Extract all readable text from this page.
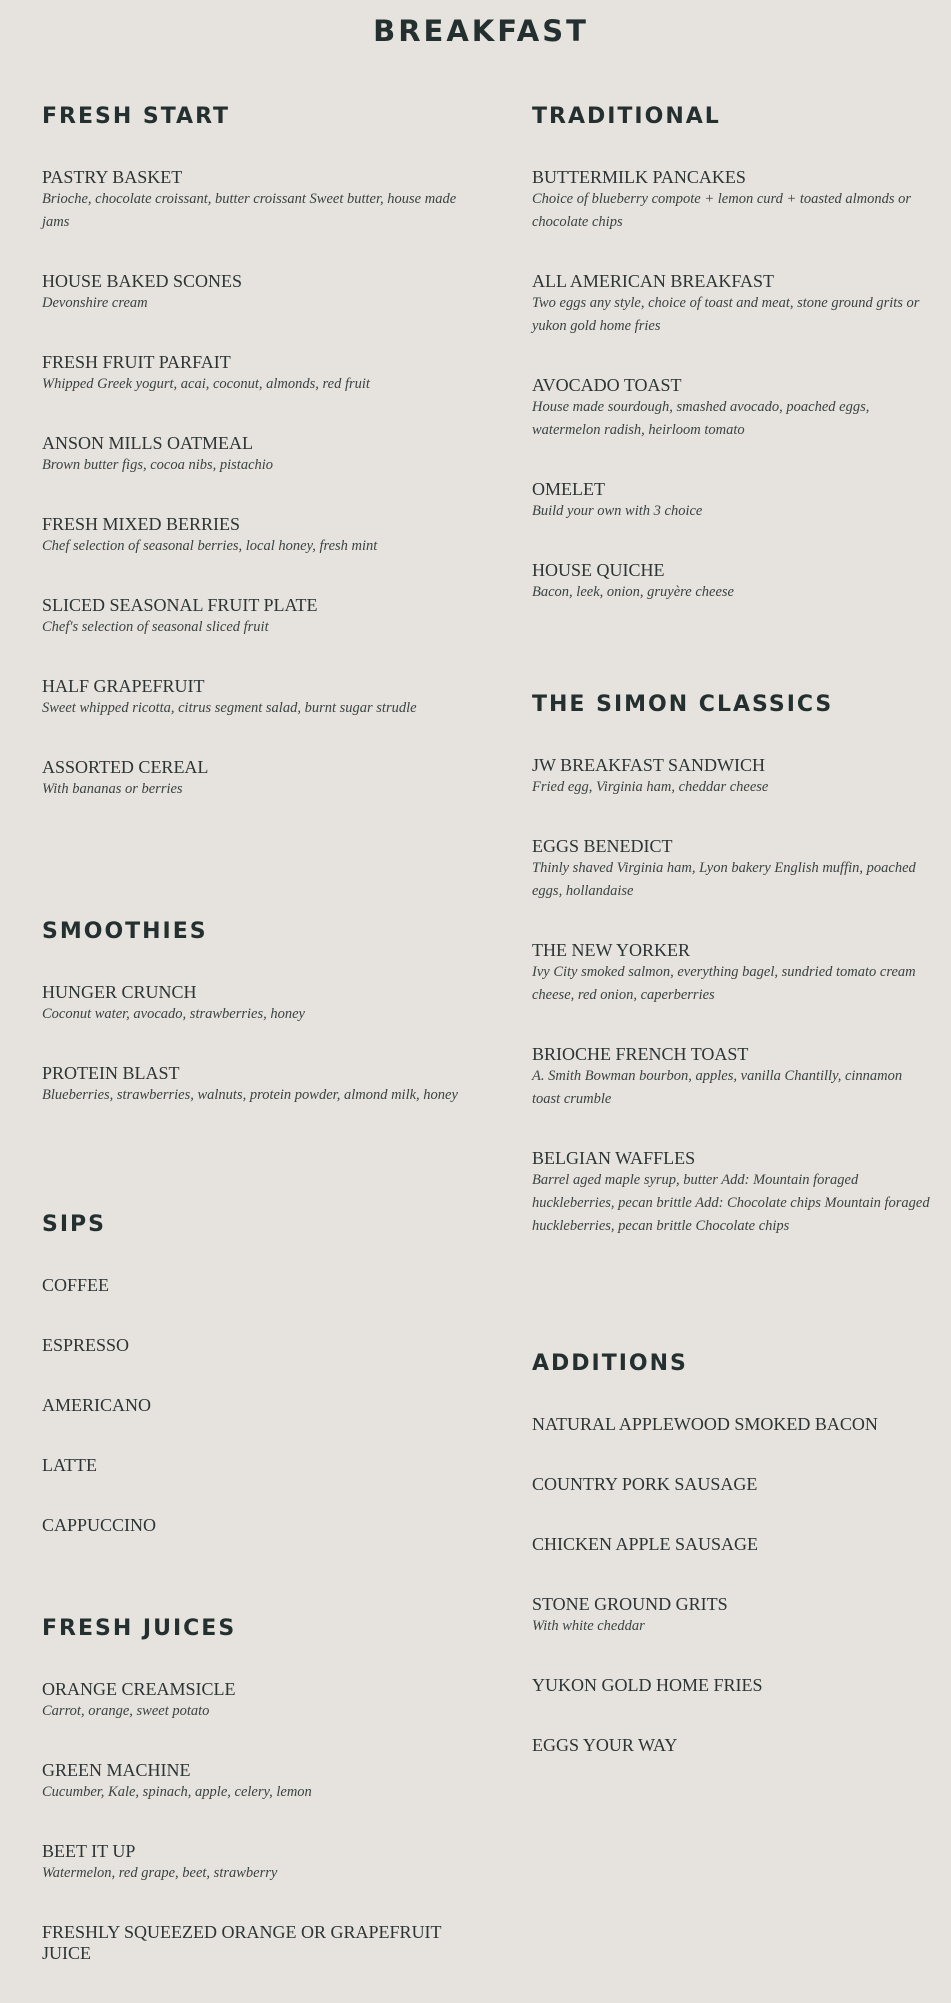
BREAKFAST
FRESH START
PASTRY BASKET
Brioche, chocolate croissant, butter croissant Sweet butter, house made jams
HOUSE BAKED SCONES
Devonshire cream
FRESH FRUIT PARFAIT
Whipped Greek yogurt, acai, coconut, almonds, red fruit
ANSON MILLS OATMEAL
Brown butter figs, cocoa nibs, pistachio
FRESH MIXED BERRIES
Chef selection of seasonal berries, local honey, fresh mint
SLICED SEASONAL FRUIT PLATE
Chef's selection of seasonal sliced fruit
HALF GRAPEFRUIT
Sweet whipped ricotta, citrus segment salad, burnt sugar strudle
ASSORTED CEREAL
With bananas or berries
SMOOTHIES
HUNGER CRUNCH
Coconut water, avocado, strawberries, honey
PROTEIN BLAST
Blueberries, strawberries, walnuts, protein powder, almond milk, honey
SIPS
COFFEE
ESPRESSO
AMERICANO
LATTE
CAPPUCCINO
FRESH JUICES
ORANGE CREAMSICLE
Carrot, orange, sweet potato
GREEN MACHINE
Cucumber, Kale, spinach, apple, celery, lemon
BEET IT UP
Watermelon, red grape, beet, strawberry
FRESHLY SQUEEZED ORANGE OR GRAPEFRUIT JUICE
TRADITIONAL
BUTTERMILK PANCAKES
Choice of blueberry compote + lemon curd + toasted almonds or chocolate chips
ALL AMERICAN BREAKFAST
Two eggs any style, choice of toast and meat, stone ground grits or yukon gold home fries
AVOCADO TOAST
House made sourdough, smashed avocado, poached eggs, watermelon radish, heirloom tomato
OMELET
Build your own with 3 choice
HOUSE QUICHE
Bacon, leek, onion, gruyère cheese
THE SIMON CLASSICS
JW BREAKFAST SANDWICH
Fried egg, Virginia ham, cheddar cheese
EGGS BENEDICT
Thinly shaved Virginia ham, Lyon bakery English muffin, poached eggs, hollandaise
THE NEW YORKER
Ivy City smoked salmon, everything bagel, sundried tomato cream cheese, red onion, caperberries
BRIOCHE FRENCH TOAST
A. Smith Bowman bourbon, apples, vanilla Chantilly, cinnamon toast crumble
BELGIAN WAFFLES
Barrel aged maple syrup, butter Add: Mountain foraged huckleberries, pecan brittle Add: Chocolate chips Mountain foraged huckleberries, pecan brittle Chocolate chips
ADDITIONS
NATURAL APPLEWOOD SMOKED BACON
COUNTRY PORK SAUSAGE
CHICKEN APPLE SAUSAGE
STONE GROUND GRITS
With white cheddar
YUKON GOLD HOME FRIES
EGGS YOUR WAY
